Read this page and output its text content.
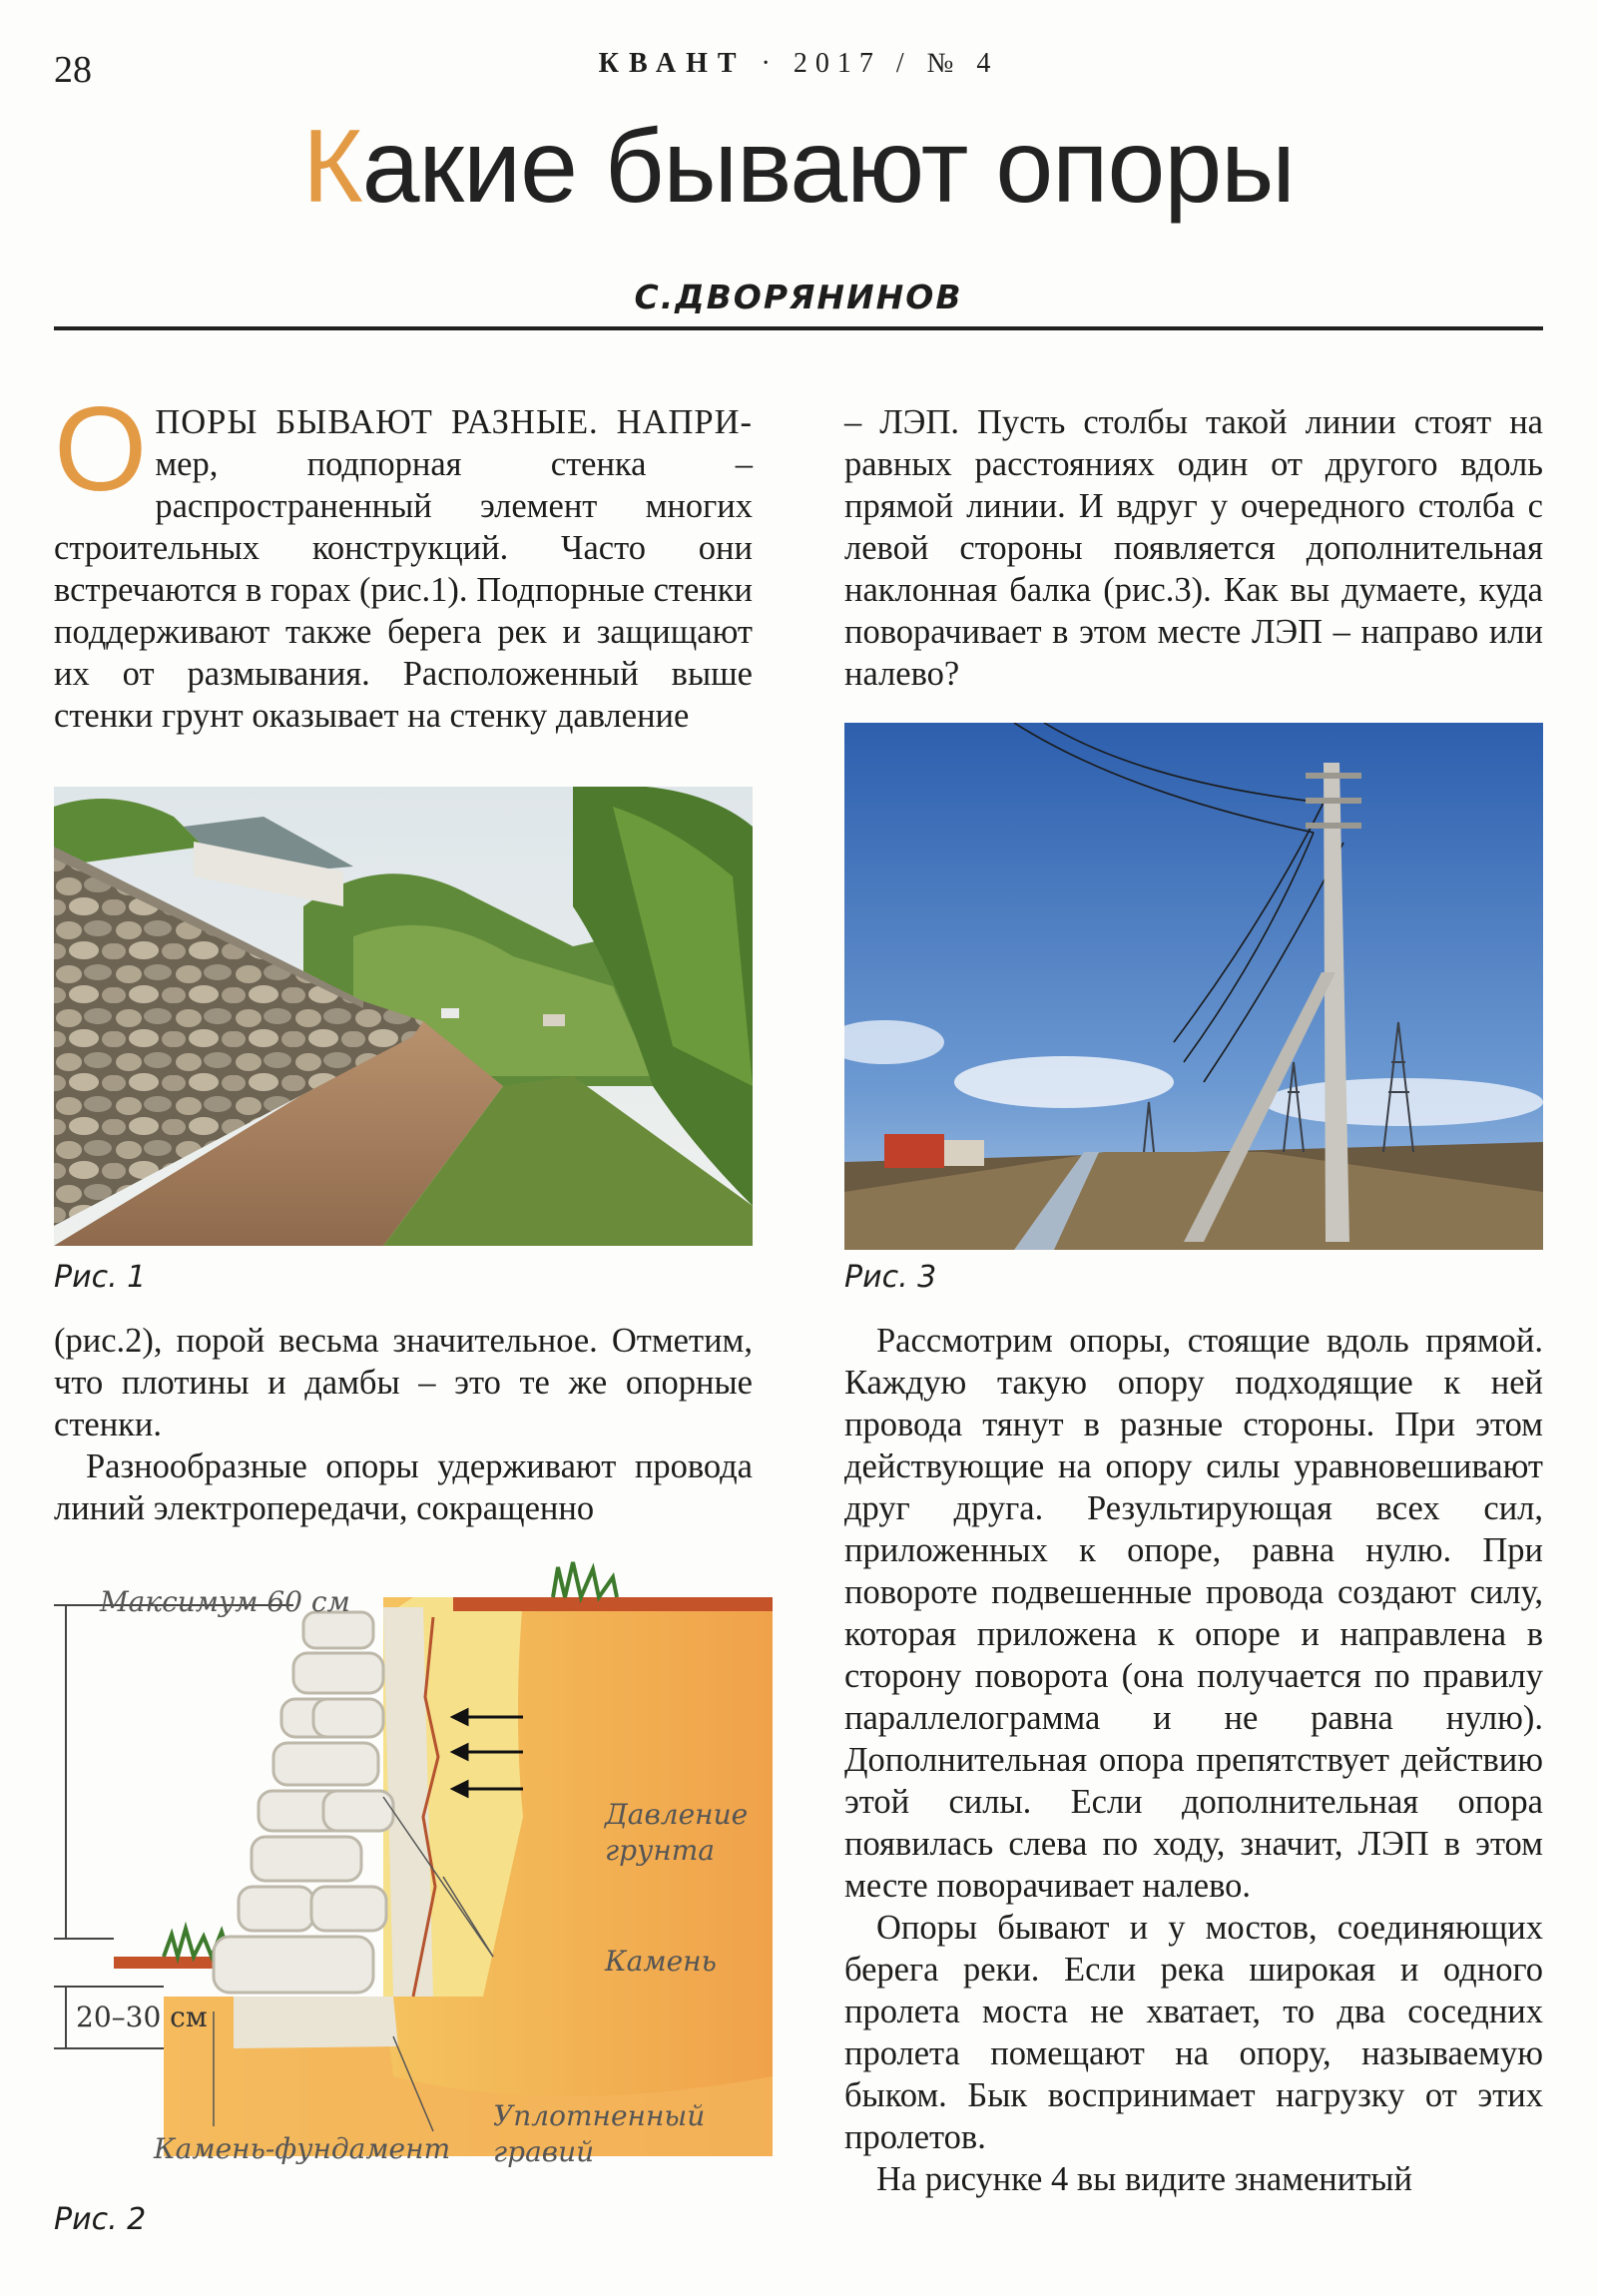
28	КВАНТ · 2017 / № 4
Какие бывают опоры
С.ДВОРЯНИНОВ

ОПОРЫ БЫВАЮТ РАЗНЫЕ. НАПРИ- мер, подпорная стенка – распространенный элемент многих строительных конструкций. Часто они встречаются в горах (рис.1). Подпорные стенки поддерживают также берега рек и защищают их от размывания. Расположенный выше стенки грунт оказывает на стенку давление

Рис. 1

(рис.2), порой весьма значительное. Отметим, что плотины и дамбы – это те же опорные стенки.

Разнообразные опоры удерживают провода линий электропередачи, сокращенно

Максимум 60 см
20–30 см
Давление
грунта
Камень
Камень-фундамент
Уплотненный
гравий
Рис. 2

– ЛЭП. Пусть столбы такой линии стоят на равных расстояниях один от другого вдоль прямой линии. И вдруг у очередного столба с левой стороны появляется дополнительная наклонная балка (рис.3). Как вы думаете, куда поворачивает в этом месте ЛЭП – направо или налево?

Рис. 3

Рассмотрим опоры, стоящие вдоль прямой. Каждую такую опору подходящие к ней провода тянут в разные стороны. При этом действующие на опору силы уравновешивают друг друга. Результирующая всех сил, приложенных к опоре, равна нулю. При повороте подвешенные провода создают силу, которая приложена к опоре и направлена в сторону поворота (она получается по правилу параллелограмма и не равна нулю). Дополнительная опора препятствует действию этой силы. Если дополнительная опора появилась слева по ходу, значит, ЛЭП в этом месте поворачивает налево.

Опоры бывают и у мостов, соединяющих берега реки. Если река широкая и одного пролета моста не хватает, то два соседних пролета помещают на опору, называемую быком. Бык воспринимает нагрузку от этих пролетов.

На рисунке 4 вы видите знаменитый
